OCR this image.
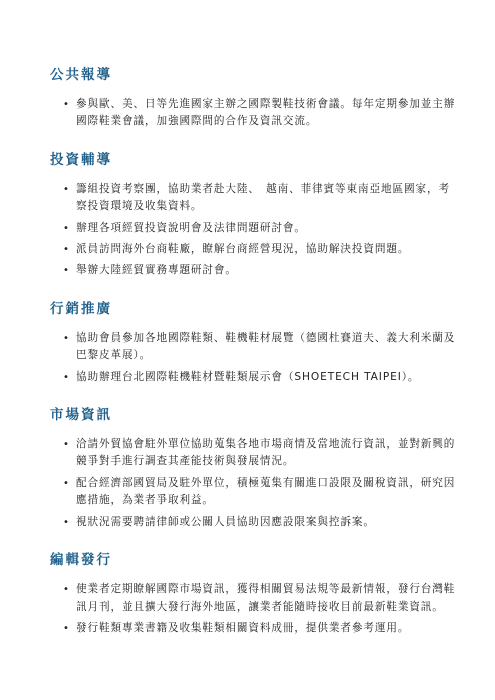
公共報導
• 參與歐、美、日等先進國家主辦之國際製鞋技術會議。每年定期參加並主辦國際鞋業會議，加強國際間的合作及資訊交流。
投資輔導
• 籌組投資考察團，協助業者赴大陸、　越南、菲律賓等東南亞地區國家，考察投資環境及收集資料。
• 辦理各項經貿投資說明會及法律問題研討會。
• 派員訪問海外台商鞋廠，瞭解台商經營現況，協助解決投資問題。
• 舉辦大陸經貿實務專題研討會。
行銷推廣
• 協助會員參加各地國際鞋類、鞋機鞋材展覽（德國杜賽道夫、義大利米蘭及巴黎皮革展）。
• 協助辦理台北國際鞋機鞋材暨鞋類展示會（SHOETECH TAIPEI）。
市場資訊
• 洽請外貿協會駐外單位協助蒐集各地市場商情及當地流行資訊，並對新興的競爭對手進行調查其產能技術與發展情況。
• 配合經濟部國貿局及駐外單位，積極蒐集有關進口設限及關稅資訊，研究因應措施，為業者爭取利益。
• 視狀況需要聘請律師或公關人員協助因應設限案與控訴案。
編輯發行
• 使業者定期瞭解國際市場資訊，獲得相關貿易法規等最新情報，發行台灣鞋訊月刊，並且擴大發行海外地區，讓業者能隨時接收目前最新鞋業資訊。
• 發行鞋類專業書籍及收集鞋類相關資料成冊，提供業者參考運用。
